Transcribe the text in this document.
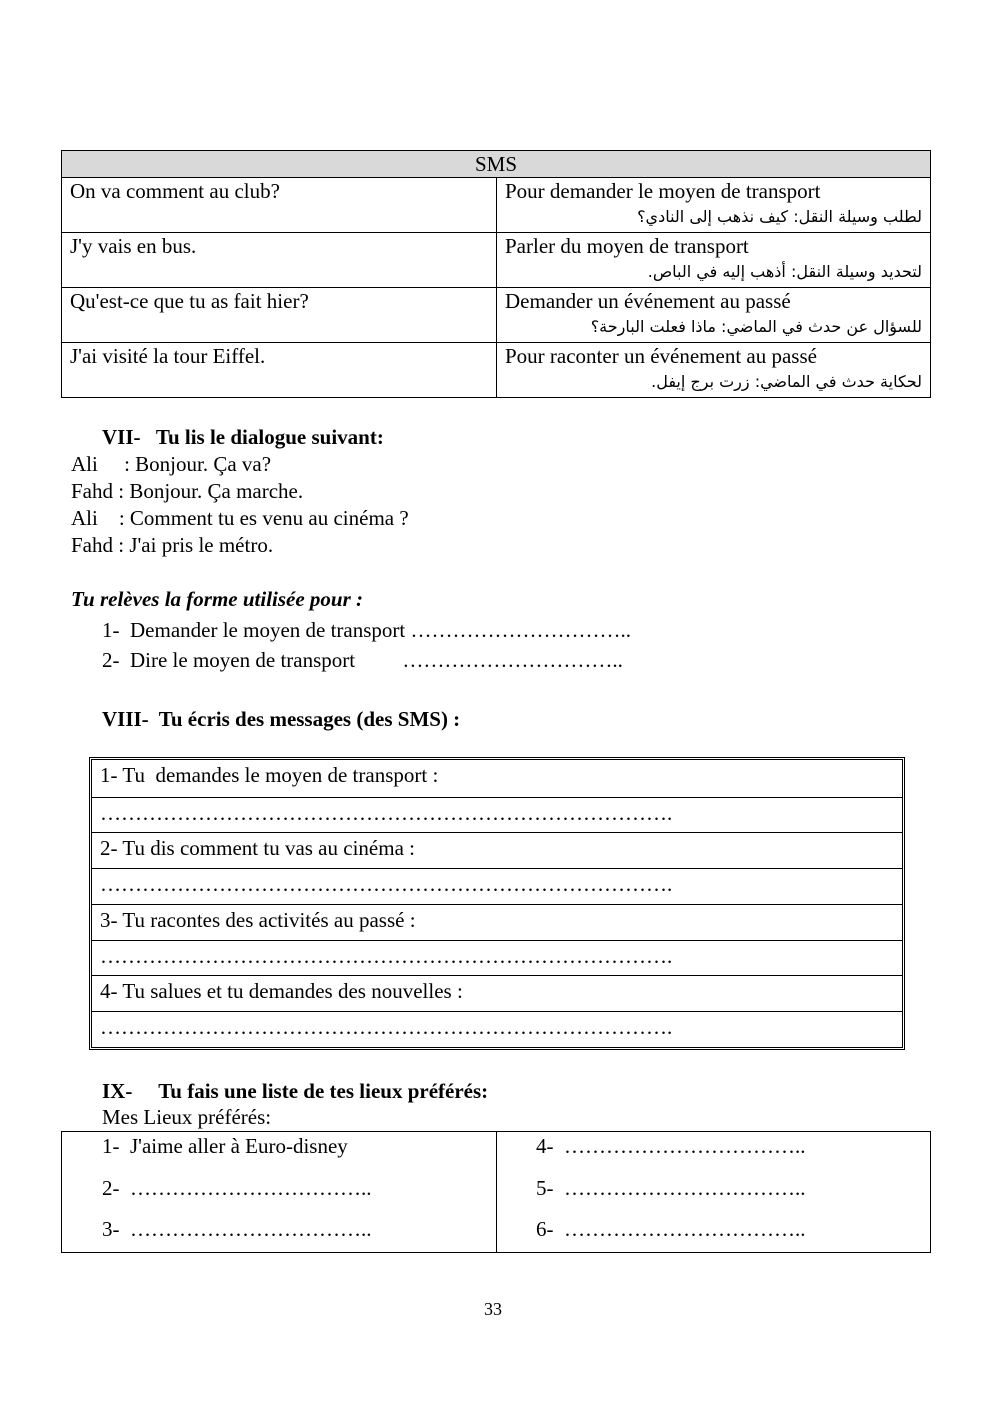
SMS	
On va comment au club?	Pour demander le moyen de transport
لطلب وسيلة النقل: كيف نذهب إلى النادي؟

J'y vais en bus.	Parler du moyen de transport
لتحديد وسيلة النقل: أذهب إليه في الباص.

Qu'est-ce que tu as fait hier?	Demander un événement au passé
للسؤال عن حدث في الماضي: ماذا فعلت البارحة؟

J'ai visité la tour Eiffel.	Pour raconter un événement au passé
لحكاية حدث في الماضي: زرت برج إيفل.
VII-   Tu lis le dialogue suivant:
Ali     : Bonjour. Ça va?
Fahd : Bonjour. Ça marche.
Ali    : Comment tu es venu au cinéma ?
Fahd : J'ai pris le métro.
Tu relèves la forme utilisée pour :
1-  Demander le moyen de transport …………………………..
2-  Dire le moyen de transport         …………………………..
VIII-  Tu écris des messages (des SMS) :
1- Tu  demandes le moyen de transport :
……………………………………………………………………….
2- Tu dis comment tu vas au cinéma :
……………………………………………………………………….
3- Tu racontes des activités au passé :
……………………………………………………………………….
4- Tu salues et tu demandes des nouvelles :
……………………………………………………………………….
IX-     Tu fais une liste de tes lieux préférés:
Mes Lieux préférés:
1-  J'aime aller à Euro-disney
2-  ……………………………..
3-  ……………………………..
4-  ……………………………..
5-  ……………………………..
6-  ……………………………..
33
